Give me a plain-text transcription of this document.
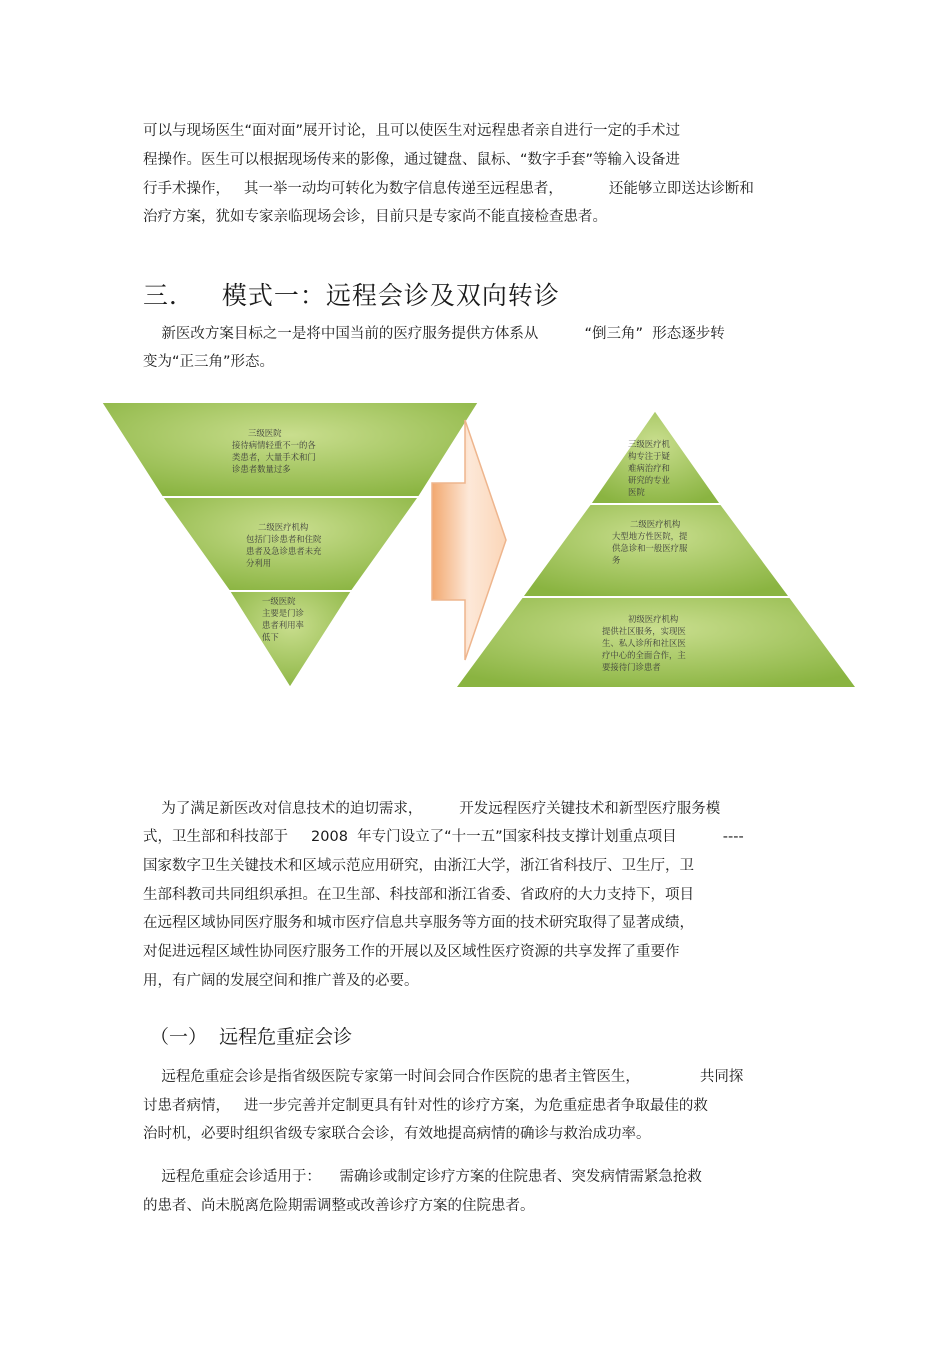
可以与现场医生“面对面”展开讨论，且可以使医生对远程患者亲自进行一定的手术过
程操作。医生可以根据现场传来的影像，通过键盘、鼠标、“数字手套”等输入设备进
行手术操作，   其一举一动均可转化为数字信息传递至远程患者，          还能够立即送达诊断和
治疗方案，犹如专家亲临现场会诊，目前只是专家尚不能直接检查患者。
三．   模式一：远程会诊及双向转诊
新医改方案目标之一是将中国当前的医疗服务提供方体系从          “倒三角”  形态逐步转
变为“正三角”形态。
三级医院
接待病情轻重不一的各
类患者，大量手术和门
诊患者数量过多
二级医疗机构
包括门诊患者和住院
患者及急诊患者未充
分利用
一级医院
主要是门诊
患者利用率
低下
三级医疗机
构专注于疑
难病治疗和
研究的专业
医院
二级医疗机构
大型地方性医院，提
供急诊和一般医疗服
务
初级医疗机构
提供社区服务，实现医
生、私人诊所和社区医
疗中心的全面合作，主
要接待门诊患者
为了满足新医改对信息技术的迫切需求，        开发远程医疗关键技术和新型医疗服务模
式，卫生部和科技部于     2008  年专门设立了“十一五”国家科技支撑计划重点项目          ----
国家数字卫生关键技术和区域示范应用研究，由浙江大学，浙江省科技厅、卫生厅，卫
生部科教司共同组织承担。在卫生部、科技部和浙江省委、省政府的大力支持下，项目
在远程区域协同医疗服务和城市医疗信息共享服务等方面的技术研究取得了显著成绩，
对促进远程区域性协同医疗服务工作的开展以及区域性医疗资源的共享发挥了重要作
用，有广阔的发展空间和推广普及的必要。
（一）  远程危重症会诊
远程危重症会诊是指省级医院专家第一时间会同合作医院的患者主管医生，             共同探
讨患者病情，   进一步完善并定制更具有针对性的诊疗方案，为危重症患者争取最佳的救
治时机，必要时组织省级专家联合会诊，有效地提高病情的确诊与救治成功率。
远程危重症会诊适用于：    需确诊或制定诊疗方案的住院患者、突发病情需紧急抢救
的患者、尚未脱离危险期需调整或改善诊疗方案的住院患者。
